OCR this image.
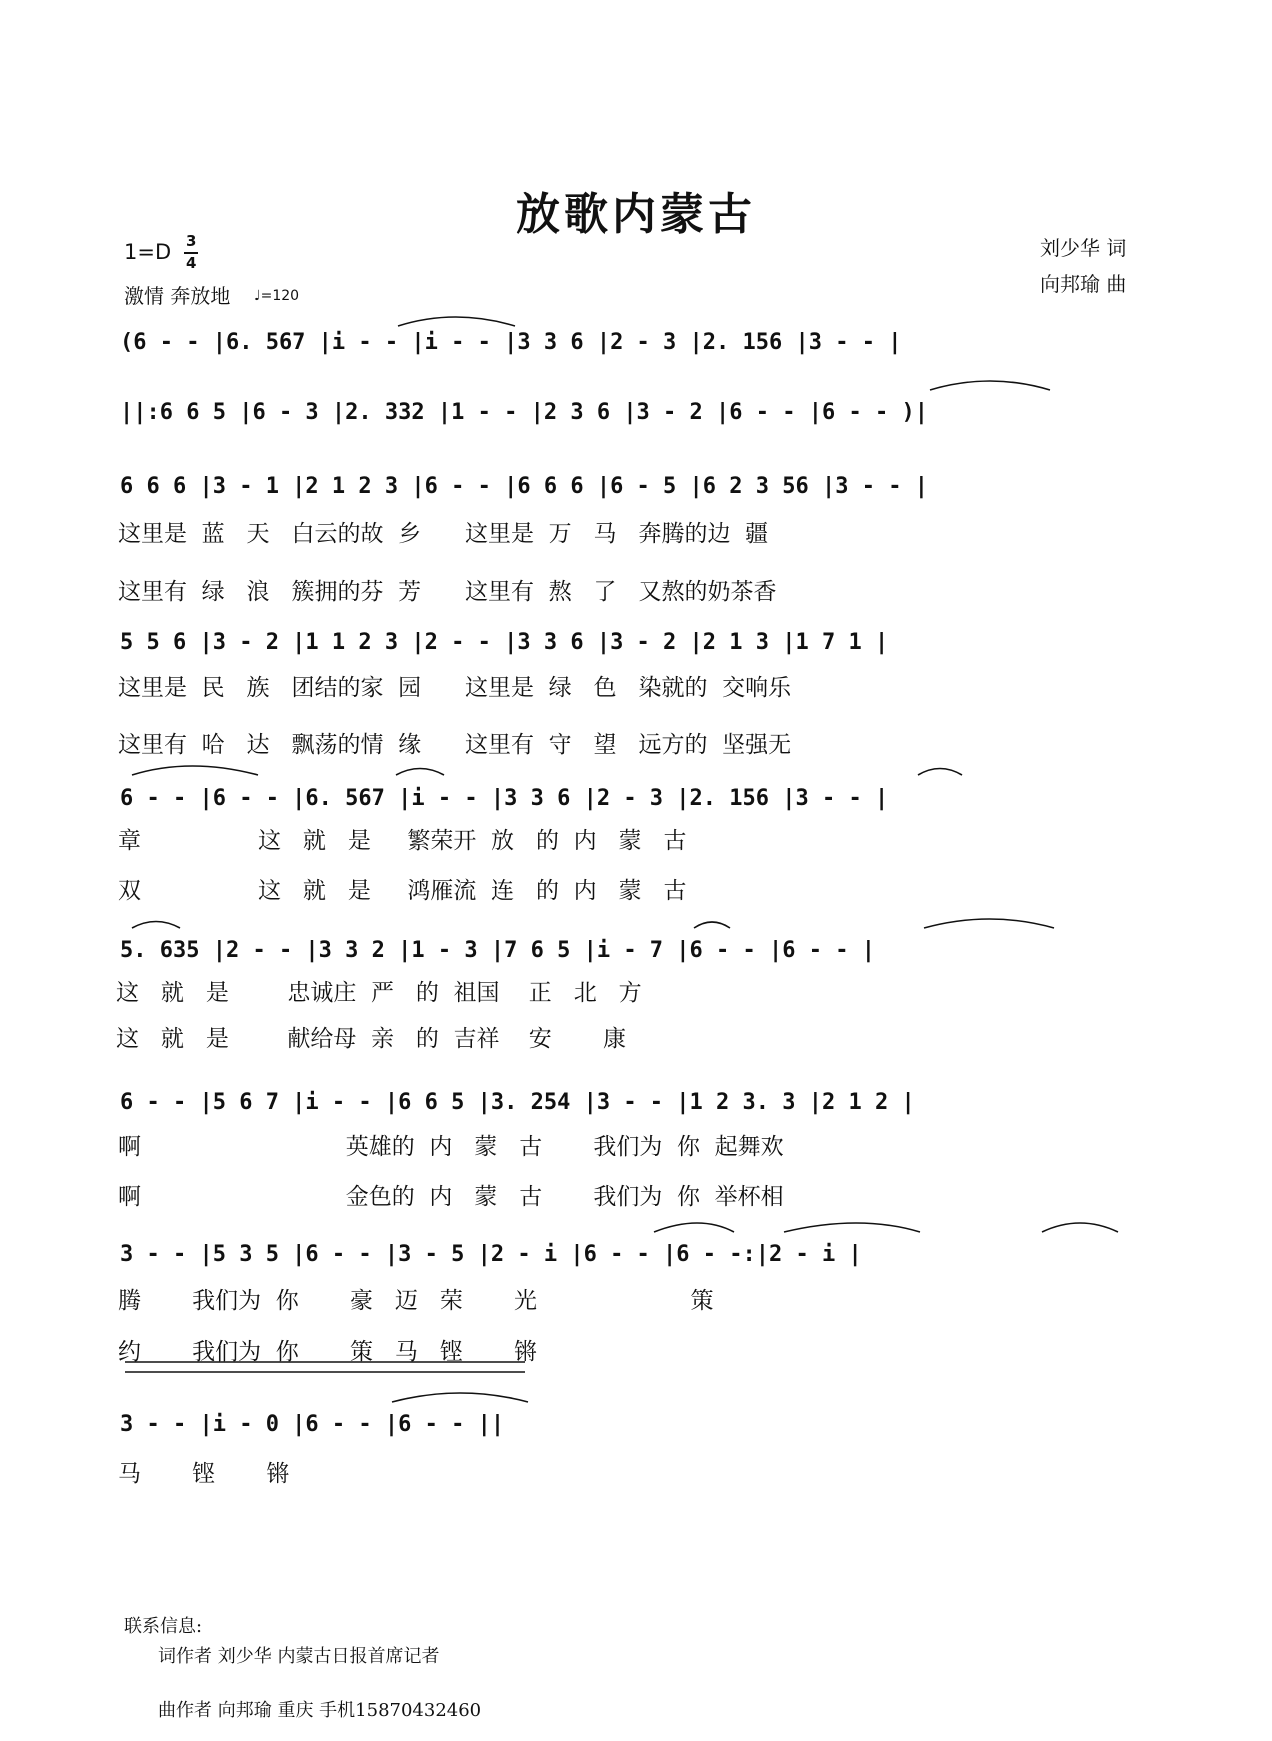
放歌内蒙古
1=D 3
4
激情 奔放地 ♩=120
刘少华 词
向邦瑜 曲
(6 - - |6. 567 |i - - |i - - |3 3 6 |2 - 3 |2. 156 |3 - - |
||:6 6 5 |6 - 3 |2. 332 |1 - - |2 3 6 |3 - 2 |6 - - |6 - - )|
6 6 6 |3 - 1 |2 1 2 3 |6 - - |6 6 6 |6 - 5 |6 2 3 56 |3 - - |
这里是  蓝   天   白云的故  乡      这里是  万   马   奔腾的边  疆
这里有  绿   浪   簇拥的芬  芳      这里有  熬   了   又熬的奶茶香
5 5 6 |3 - 2 |1 1 2 3 |2 - - |3 3 6 |3 - 2 |2 1 3 |1 7 1 |
这里是  民   族   团结的家  园      这里是  绿   色   染就的  交响乐
这里有  哈   达   飘荡的情  缘      这里有  守   望   远方的  坚强无
6 - - |6 - - |6. 567 |i - - |3 3 6 |2 - 3 |2. 156 |3 - - |
章                这   就   是     繁荣开  放   的  内   蒙   古
双                这   就   是     鸿雁流  连   的  内   蒙   古
5. 635 |2 - - |3 3 2 |1 - 3 |7 6 5 |i - 7 |6 - - |6 - - |
这   就   是        忠诚庄  严   的  祖国    正   北   方
这   就   是        献给母  亲   的  吉祥    安       康
6 - - |5 6 7 |i - - |6 6 5 |3. 254 |3 - - |1 2 3. 3 |2 1 2 |
啊                            英雄的  内   蒙   古       我们为  你  起舞欢
啊                            金色的  内   蒙   古       我们为  你  举杯相
3 - - |5 3 5 |6 - - |3 - 5 |2 - i |6 - - |6 - -:|2 - i |
腾       我们为  你       豪   迈   荣       光                     策
约       我们为  你       策   马   铿       锵
3 - - |i - 0 |6 - - |6 - - ||
马       铿       锵
联系信息:
词作者 刘少华 内蒙古日报首席记者
曲作者 向邦瑜 重庆 手机15870432460
